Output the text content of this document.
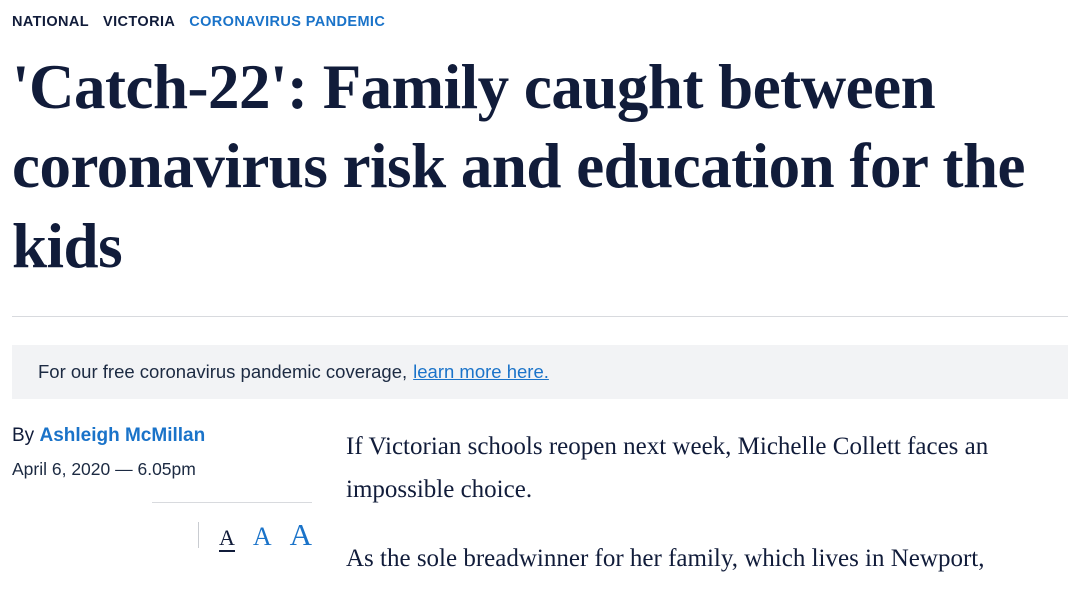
NATIONAL VICTORIA CORONAVIRUS PANDEMIC
'Catch-22': Family caught between coronavirus risk and education for the kids
For our free coronavirus pandemic coverage, learn more here.
By Ashleigh McMillan
April 6, 2020 — 6.05pm
A A A

If Victorian schools reopen next week, Michelle Collett faces an impossible choice.

As the sole breadwinner for her family, which lives in Newport,
